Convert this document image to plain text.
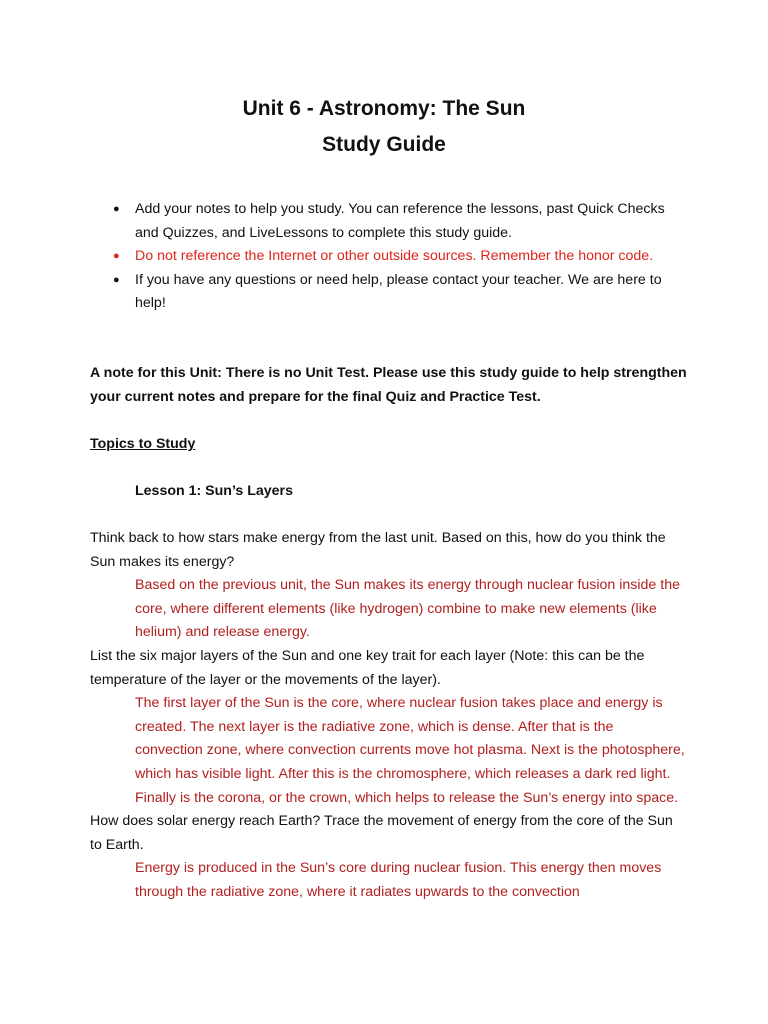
Unit 6 - Astronomy: The Sun
Study Guide
● Add your notes to help you study. You can reference the lessons, past Quick Checks and Quizzes, and LiveLessons to complete this study guide.
● Do not reference the Internet or other outside sources. Remember the honor code.
● If you have any questions or need help, please contact your teacher. We are here to help!
A note for this Unit: There is no Unit Test. Please use this study guide to help strengthen your current notes and prepare for the final Quiz and Practice Test.
Topics to Study
Lesson 1: Sun’s Layers

Think back to how stars make energy from the last unit. Based on this, how do you think the Sun makes its energy?

Based on the previous unit, the Sun makes its energy through nuclear fusion inside the core, where different elements (like hydrogen) combine to make new elements (like helium) and release energy.

List the six major layers of the Sun and one key trait for each layer (Note: this can be the temperature of the layer or the movements of the layer).

The first layer of the Sun is the core, where nuclear fusion takes place and energy is created. The next layer is the radiative zone, which is dense. After that is the convection zone, where convection currents move hot plasma. Next is the photosphere, which has visible light. After this is the chromosphere, which releases a dark red light. Finally is the corona, or the crown, which helps to release the Sun’s energy into space.

How does solar energy reach Earth? Trace the movement of energy from the core of the Sun to Earth.

Energy is produced in the Sun’s core during nuclear fusion. This energy then moves through the radiative zone, where it radiates upwards to the convection
